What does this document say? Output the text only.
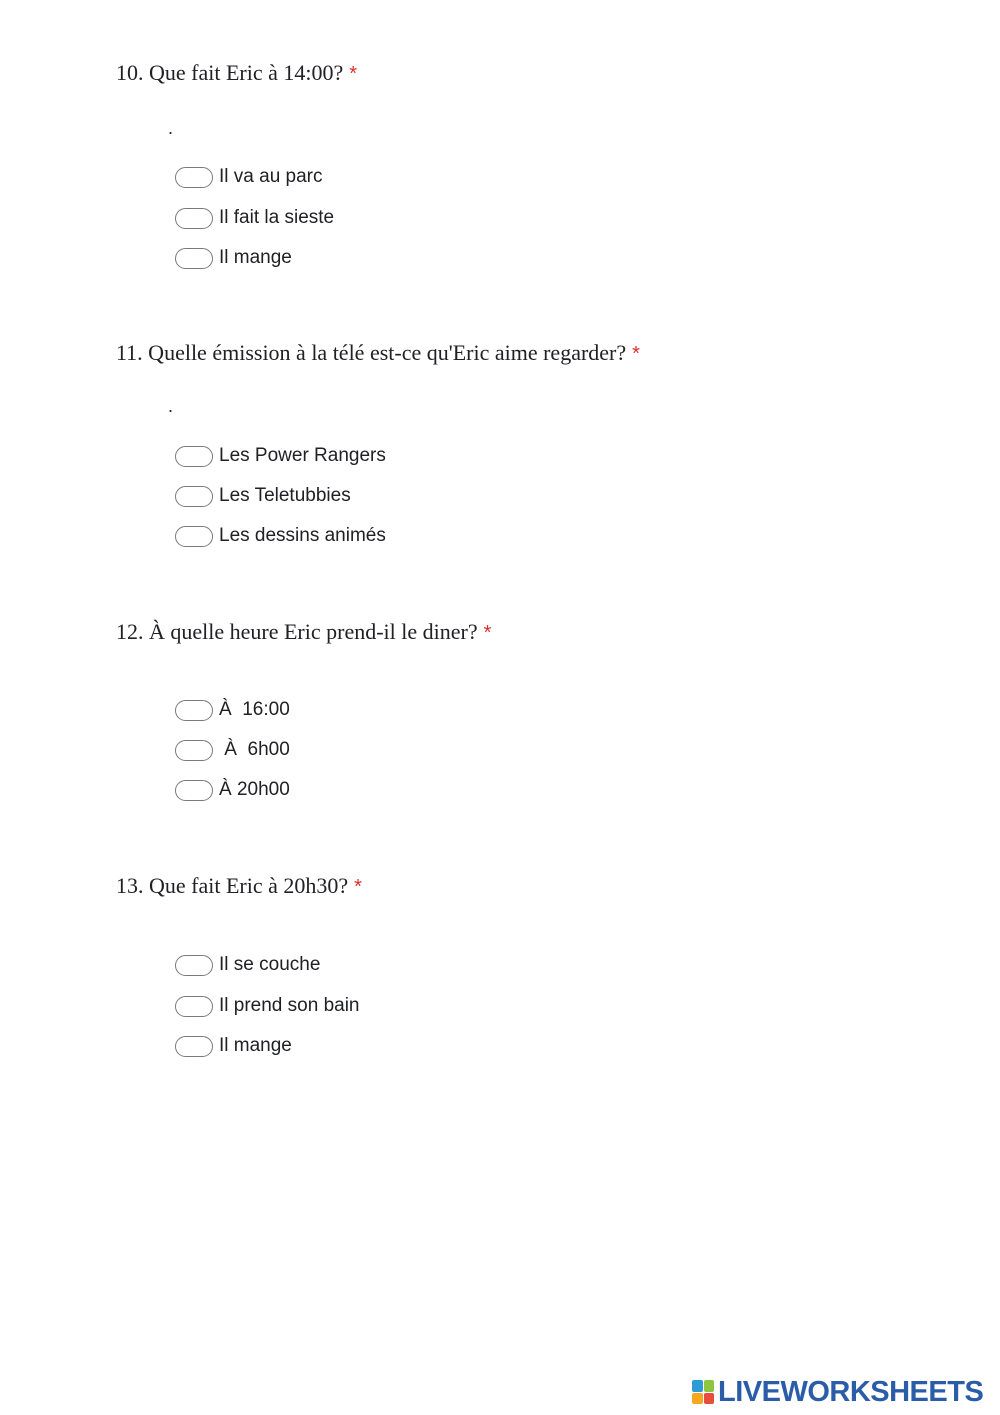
10. Que fait Eric à 14:00? *
.
Il va au parc
Il fait la sieste
Il mange
11. Quelle émission à la télé est-ce qu'Eric aime regarder? *
.
Les Power Rangers
Les Teletubbies
Les dessins animés
12. À quelle heure Eric prend-il le diner? *
À  16:00
À  6h00
À 20h00
13. Que fait Eric à 20h30? *
Il se couche
Il prend son bain
Il mange
LIVEWORKSHEETS
